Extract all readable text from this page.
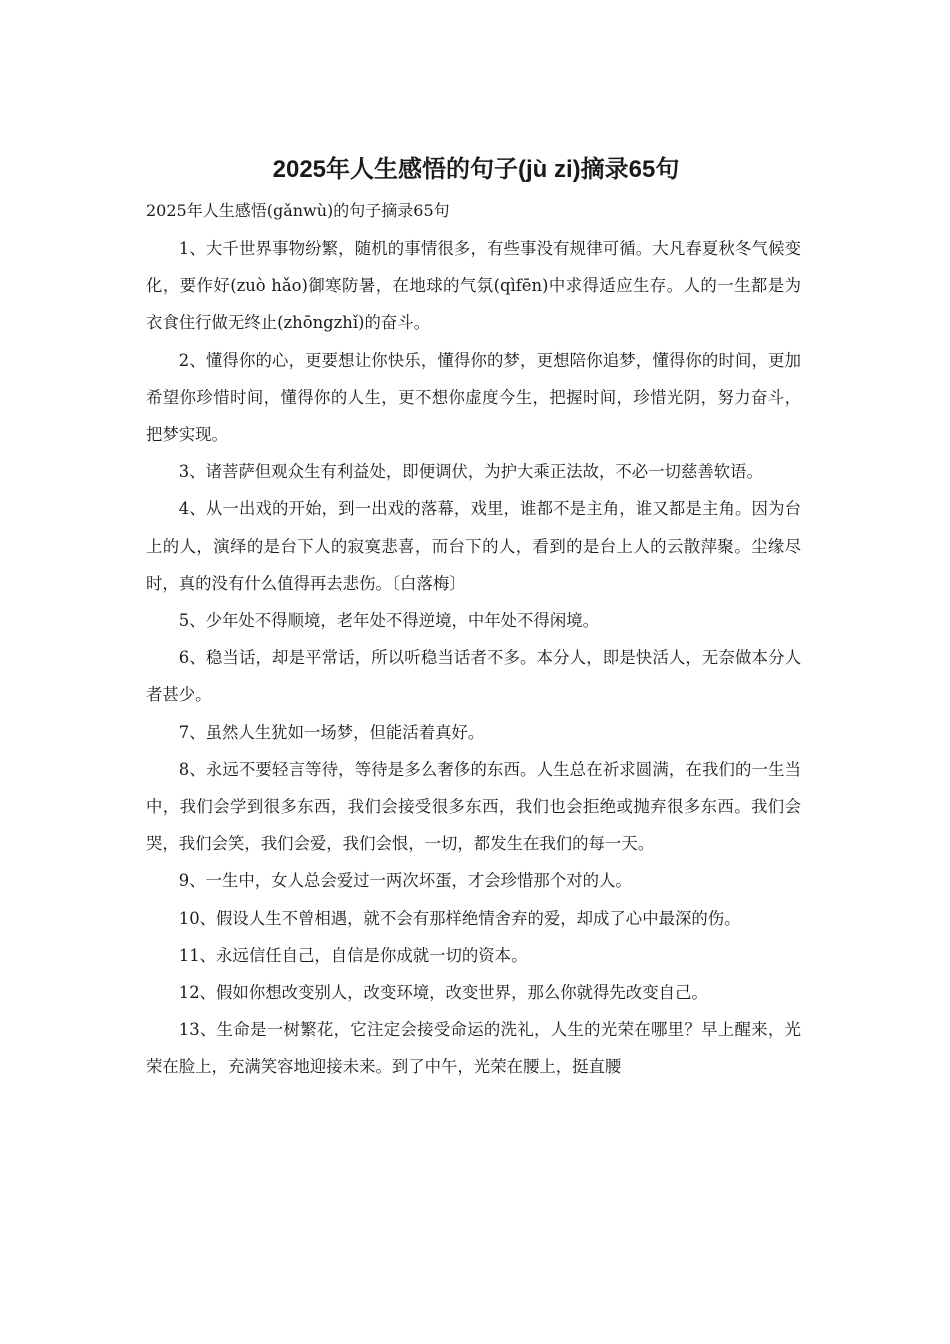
2025年人生感悟的句子(jù zi)摘录65句

2025年人生感悟(gǎnwù)的句子摘录65句

1、大千世界事物纷繁，随机的事情很多，有些事没有规律可循。大凡春夏秋冬气候变化，要作好(zuò hǎo)御寒防暑，在地球的气氛(qìfēn)中求得适应生存。人的一生都是为衣食住行做无终止(zhōngzhǐ)的奋斗。

2、懂得你的心，更要想让你快乐，懂得你的梦，更想陪你追梦，懂得你的时间，更加希望你珍惜时间，懂得你的人生，更不想你虚度今生，把握时间，珍惜光阴，努力奋斗，把梦实现。

3、诸菩萨但观众生有利益处，即便调伏，为护大乘正法故，不必一切慈善软语。

4、从一出戏的开始，到一出戏的落幕，戏里，谁都不是主角，谁又都是主角。因为台上的人，演绎的是台下人的寂寞悲喜，而台下的人，看到的是台上人的云散萍聚。尘缘尽时，真的没有什么值得再去悲伤。〔白落梅〕

5、少年处不得顺境，老年处不得逆境，中年处不得闲境。

6、稳当话，却是平常话，所以听稳当话者不多。本分人，即是快活人，无奈做本分人者甚少。

7、虽然人生犹如一场梦，但能活着真好。

8、永远不要轻言等待，等待是多么奢侈的东西。人生总在祈求圆满，在我们的一生当中，我们会学到很多东西，我们会接受很多东西，我们也会拒绝或抛弃很多东西。我们会哭，我们会笑，我们会爱，我们会恨，一切，都发生在我们的每一天。

9、一生中，女人总会爱过一两次坏蛋，才会珍惜那个对的人。

10、假设人生不曾相遇，就不会有那样绝情舍弃的爱，却成了心中最深的伤。

11、永远信任自己，自信是你成就一切的资本。

12、假如你想改变别人，改变环境，改变世界，那么你就得先改变自己。

13、生命是一树繁花，它注定会接受命运的洗礼，人生的光荣在哪里？早上醒来，光荣在脸上，充满笑容地迎接未来。到了中午，光荣在腰上，挺直腰
